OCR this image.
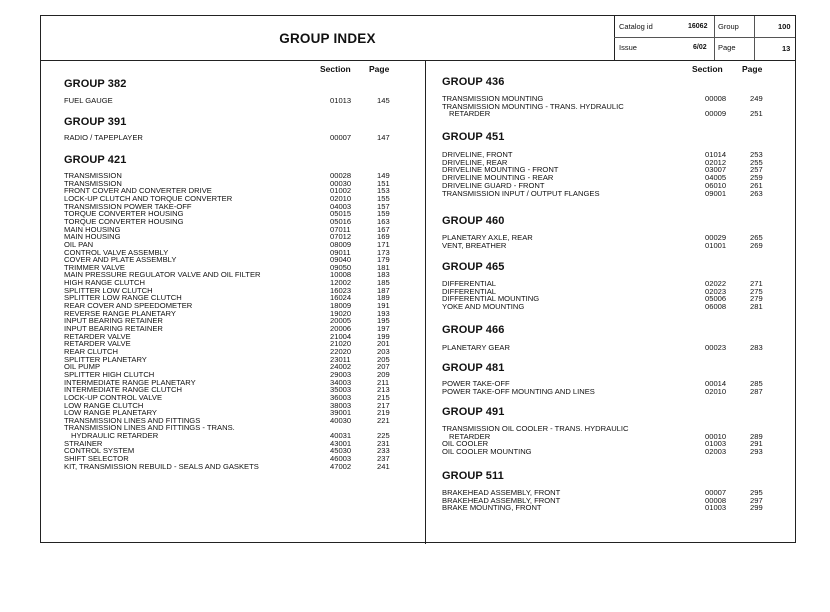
GROUP INDEX
Catalog id	16062 Group	100
Issue	6/02 Page	13
Section Page	Section Page
GROUP 382
FUEL GAUGE	01013	145
GROUP 391
RADIO / TAPEPLAYER	00007	147
GROUP 421
TRANSMISSION	00028	149
TRANSMISSION	00030	151
FRONT COVER AND CONVERTER DRIVE	01002	153
LOCK-UP CLUTCH AND TORQUE CONVERTER	02010	155
TRANSMISSION POWER TAKE-OFF	04003	157
TORQUE CONVERTER HOUSING	05015	159
TORQUE CONVERTER HOUSING	05016	163
MAIN HOUSING	07011	167
MAIN HOUSING	07012	169
OIL PAN	08009	171
CONTROL VALVE ASSEMBLY	09011	173
COVER AND PLATE ASSEMBLY	09040	179
TRIMMER VALVE	09050	181
MAIN PRESSURE REGULATOR VALVE AND OIL FILTER	10008	183
HIGH RANGE CLUTCH	12002	185
SPLITTER LOW CLUTCH	16023	187
SPLITTER LOW RANGE CLUTCH	16024	189
REAR COVER AND SPEEDOMETER	18009	191
REVERSE RANGE PLANETARY	19020	193
INPUT BEARING RETAINER	20005	195
INPUT BEARING RETAINER	20006	197
RETARDER VALVE	21004	199
RETARDER VALVE	21020	201
REAR CLUTCH	22020	203
SPLITTER PLANETARY	23011	205
OIL PUMP	24002	207
SPLITTER HIGH CLUTCH	29003	209
INTERMEDIATE RANGE PLANETARY	34003	211
INTERMEDIATE RANGE CLUTCH	35003	213
LOCK-UP CONTROL VALVE	36003	215
LOW RANGE CLUTCH	38003	217
LOW RANGE PLANETARY	39001	219
TRANSMISSION LINES AND FITTINGS	40030	221
TRANSMISSION LINES AND FITTINGS - TRANS.
HYDRAULIC RETARDER	40031	225
STRAINER	43001	231
CONTROL SYSTEM	45030	233
SHIFT SELECTOR	46003	237
KIT, TRANSMISSION REBUILD - SEALS AND GASKETS	47002	241
GROUP 436
TRANSMISSION MOUNTING	00008	249
TRANSMISSION MOUNTING - TRANS. HYDRAULIC
RETARDER	00009	251
GROUP 451
DRIVELINE, FRONT	01014	253
DRIVELINE, REAR	02012	255
DRIVELINE MOUNTING - FRONT	03007	257
DRIVELINE MOUNTING - REAR	04005	259
DRIVELINE GUARD - FRONT	06010	261
TRANSMISSION INPUT / OUTPUT FLANGES	09001	263
GROUP 460
PLANETARY AXLE, REAR	00029	265
VENT, BREATHER	01001	269
GROUP 465
DIFFERENTIAL	02022	271
DIFFERENTIAL	02023	275
DIFFERENTIAL MOUNTING	05006	279
YOKE AND MOUNTING	06008	281
GROUP 466
PLANETARY GEAR	00023	283
GROUP 481
POWER TAKE-OFF	00014	285
POWER TAKE-OFF MOUNTING AND LINES	02010	287
GROUP 491
TRANSMISSION OIL COOLER - TRANS. HYDRAULIC
RETARDER	00010	289
OIL COOLER	01003	291
OIL COOLER MOUNTING	02003	293
GROUP 511
BRAKEHEAD ASSEMBLY, FRONT	00007	295
BRAKEHEAD ASSEMBLY, FRONT	00008	297
BRAKE MOUNTING, FRONT	01003	299
